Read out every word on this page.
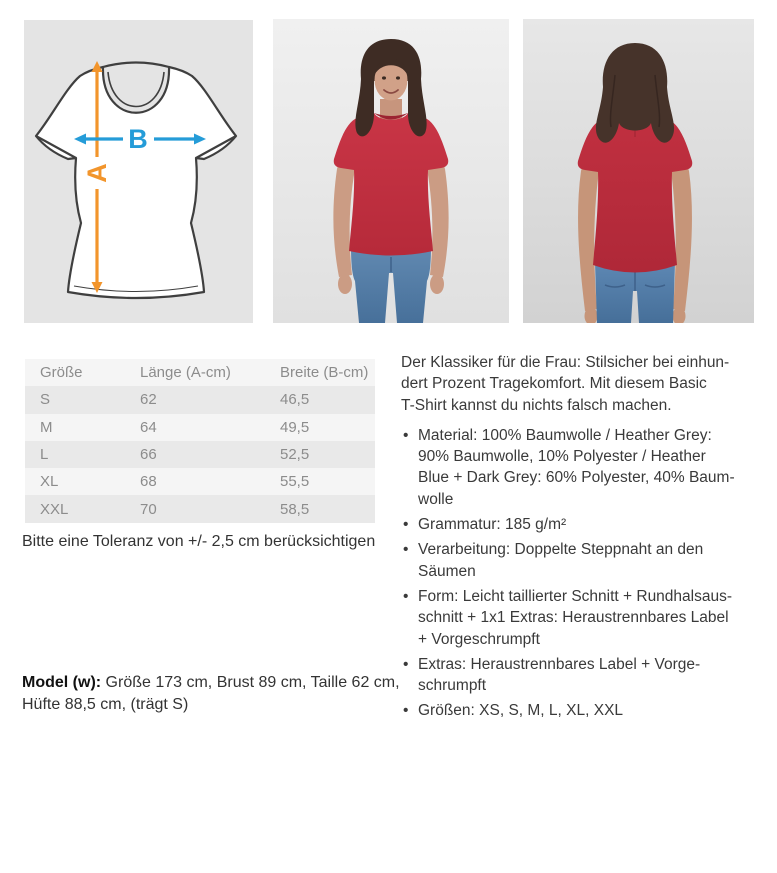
A
B
Größe	Länge (A-cm)	Breite (B-cm)
S	62	46,5
M	64	49,5
L	66	52,5
XL	68	55,5
XXL	70	58,5
Bitte eine Toleranz von +/- 2,5 cm berücksichtigen
Model (w): Größe 173 cm, Brust 89 cm, Taille 62 cm, Hüfte 88,5 cm, (trägt S)

Der Klassiker für die Frau: Stilsicher bei einhun-
dert Prozent Tragekomfort. Mit diesem Basic
T-Shirt kannst du nichts falsch machen.

• Material: 100% Baumwolle / Heather Grey:
90% Baumwolle, 10% Polyester / Heather
Blue + Dark Grey: 60% Polyester, 40% Baum-
wolle
• Grammatur: 185 g/m²
• Verarbeitung: Doppelte Steppnaht an den
Säumen
• Form: Leicht taillierter Schnitt + Rundhalsaus-
schnitt + 1x1 Extras: Heraustrennbares Label
+ Vorgeschrumpft
• Extras: Heraustrennbares Label + Vorge-
schrumpft
• Größen: XS, S, M, L, XL, XXL
